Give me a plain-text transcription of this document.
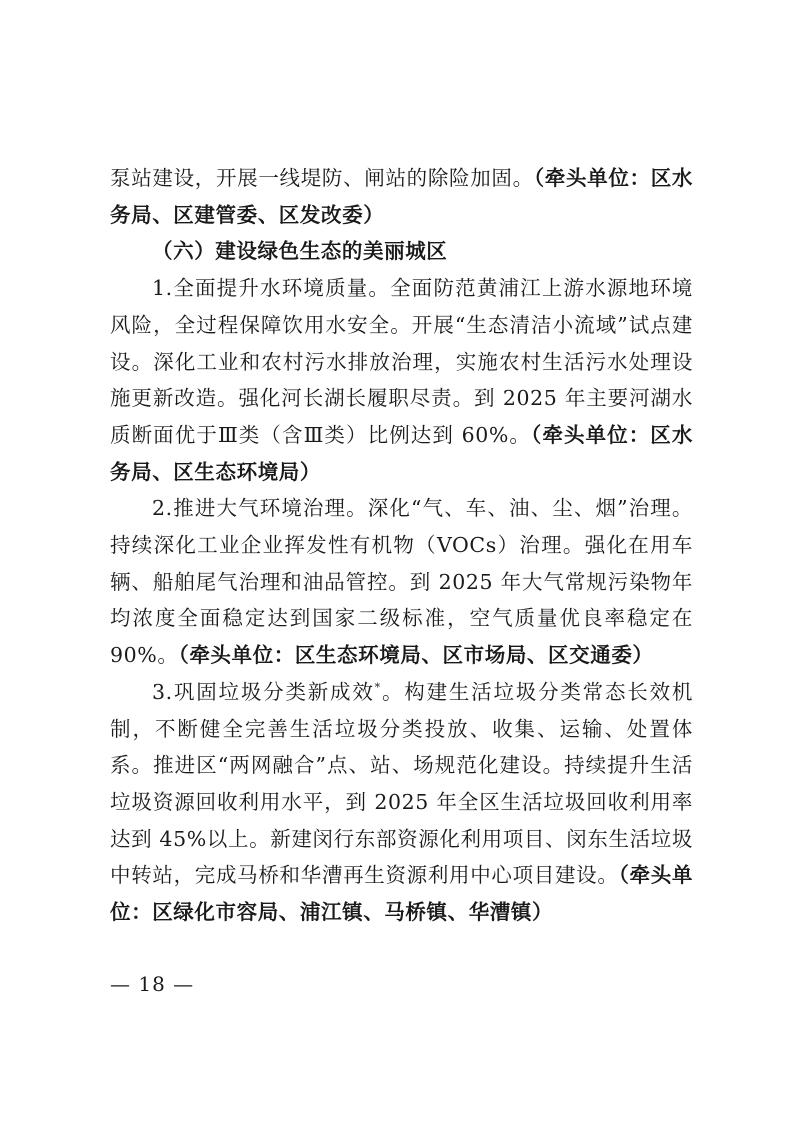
泵站建设，开展一线堤防、闸站的除险加固。（牵头单位：区水务局、区建管委、区发改委）

（六）建设绿色生态的美丽城区

1.全面提升水环境质量。全面防范黄浦江上游水源地环境风险，全过程保障饮用水安全。开展“生态清洁小流域”试点建设。深化工业和农村污水排放治理，实施农村生活污水处理设施更新改造。强化河长湖长履职尽责。到 2025 年主要河湖水质断面优于Ⅲ类（含Ⅲ类）比例达到 60%。（牵头单位：区水务局、区生态环境局）

2.推进大气环境治理。深化“气、车、油、尘、烟”治理。持续深化工业企业挥发性有机物（VOCs）治理。强化在用车辆、船舶尾气治理和油品管控。到 2025 年大气常规污染物年均浓度全面稳定达到国家二级标准，空气质量优良率稳定在 90%。（牵头单位：区生态环境局、区市场局、区交通委）

3.巩固垃圾分类新成效*。构建生活垃圾分类常态长效机制，不断健全完善生活垃圾分类投放、收集、运输、处置体系。推进区“两网融合”点、站、场规范化建设。持续提升生活垃圾资源回收利用水平，到 2025 年全区生活垃圾回收利用率达到 45%以上。新建闵行东部资源化利用项目、闵东生活垃圾中转站，完成马桥和华漕再生资源利用中心项目建设。（牵头单位：区绿化市容局、浦江镇、马桥镇、华漕镇）

— 18 —
